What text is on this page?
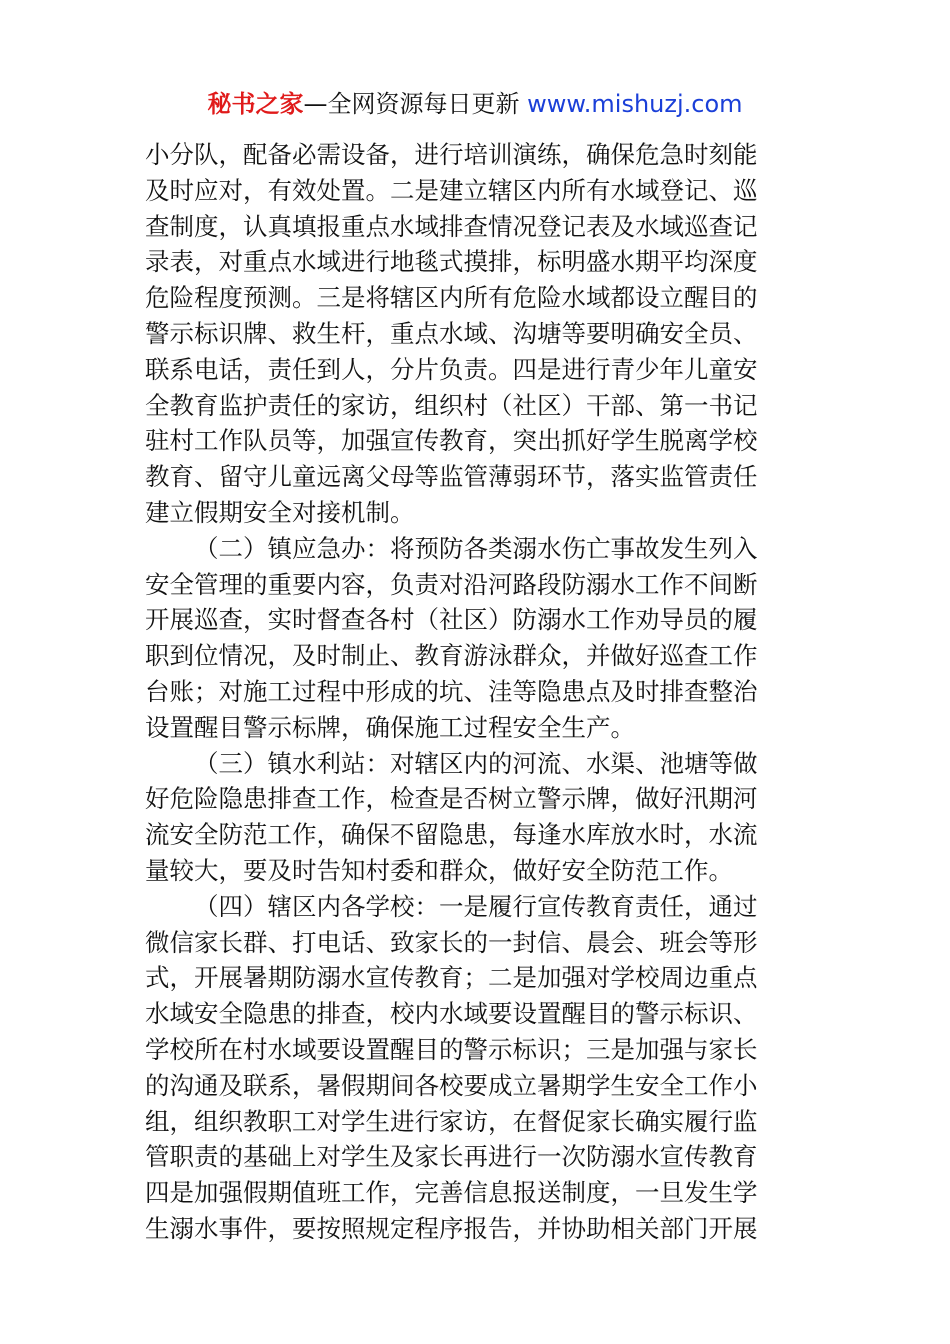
秘书之家—全网资源每日更新 www.mishuzj.com
小分队，配备必需设备，进行培训演练，确保危急时刻能
及时应对，有效处置。二是建立辖区内所有水域登记、巡
查制度，认真填报重点水域排查情况登记表及水域巡查记
录表，对重点水域进行地毯式摸排，标明盛水期平均深度
危险程度预测。三是将辖区内所有危险水域都设立醒目的
警示标识牌、救生杆，重点水域、沟塘等要明确安全员、
联系电话，责任到人，分片负责。四是进行青少年儿童安
全教育监护责任的家访，组织村（社区）干部、第一书记
驻村工作队员等，加强宣传教育，突出抓好学生脱离学校
教育、留守儿童远离父母等监管薄弱环节，落实监管责任
建立假期安全对接机制。
（二）镇应急办：将预防各类溺水伤亡事故发生列入
安全管理的重要内容，负责对沿河路段防溺水工作不间断
开展巡查，实时督查各村（社区）防溺水工作劝导员的履
职到位情况，及时制止、教育游泳群众，并做好巡查工作
台账；对施工过程中形成的坑、洼等隐患点及时排查整治
设置醒目警示标牌，确保施工过程安全生产。
（三）镇水利站：对辖区内的河流、水渠、池塘等做
好危险隐患排查工作，检查是否树立警示牌，做好汛期河
流安全防范工作，确保不留隐患，每逢水库放水时，水流
量较大，要及时告知村委和群众，做好安全防范工作。
（四）辖区内各学校：一是履行宣传教育责任，通过
微信家长群、打电话、致家长的一封信、晨会、班会等形
式，开展暑期防溺水宣传教育；二是加强对学校周边重点
水域安全隐患的排查，校内水域要设置醒目的警示标识、
学校所在村水域要设置醒目的警示标识；三是加强与家长
的沟通及联系，暑假期间各校要成立暑期学生安全工作小
组，组织教职工对学生进行家访，在督促家长确实履行监
管职责的基础上对学生及家长再进行一次防溺水宣传教育
四是加强假期值班工作，完善信息报送制度，一旦发生学
生溺水事件，要按照规定程序报告，并协助相关部门开展
